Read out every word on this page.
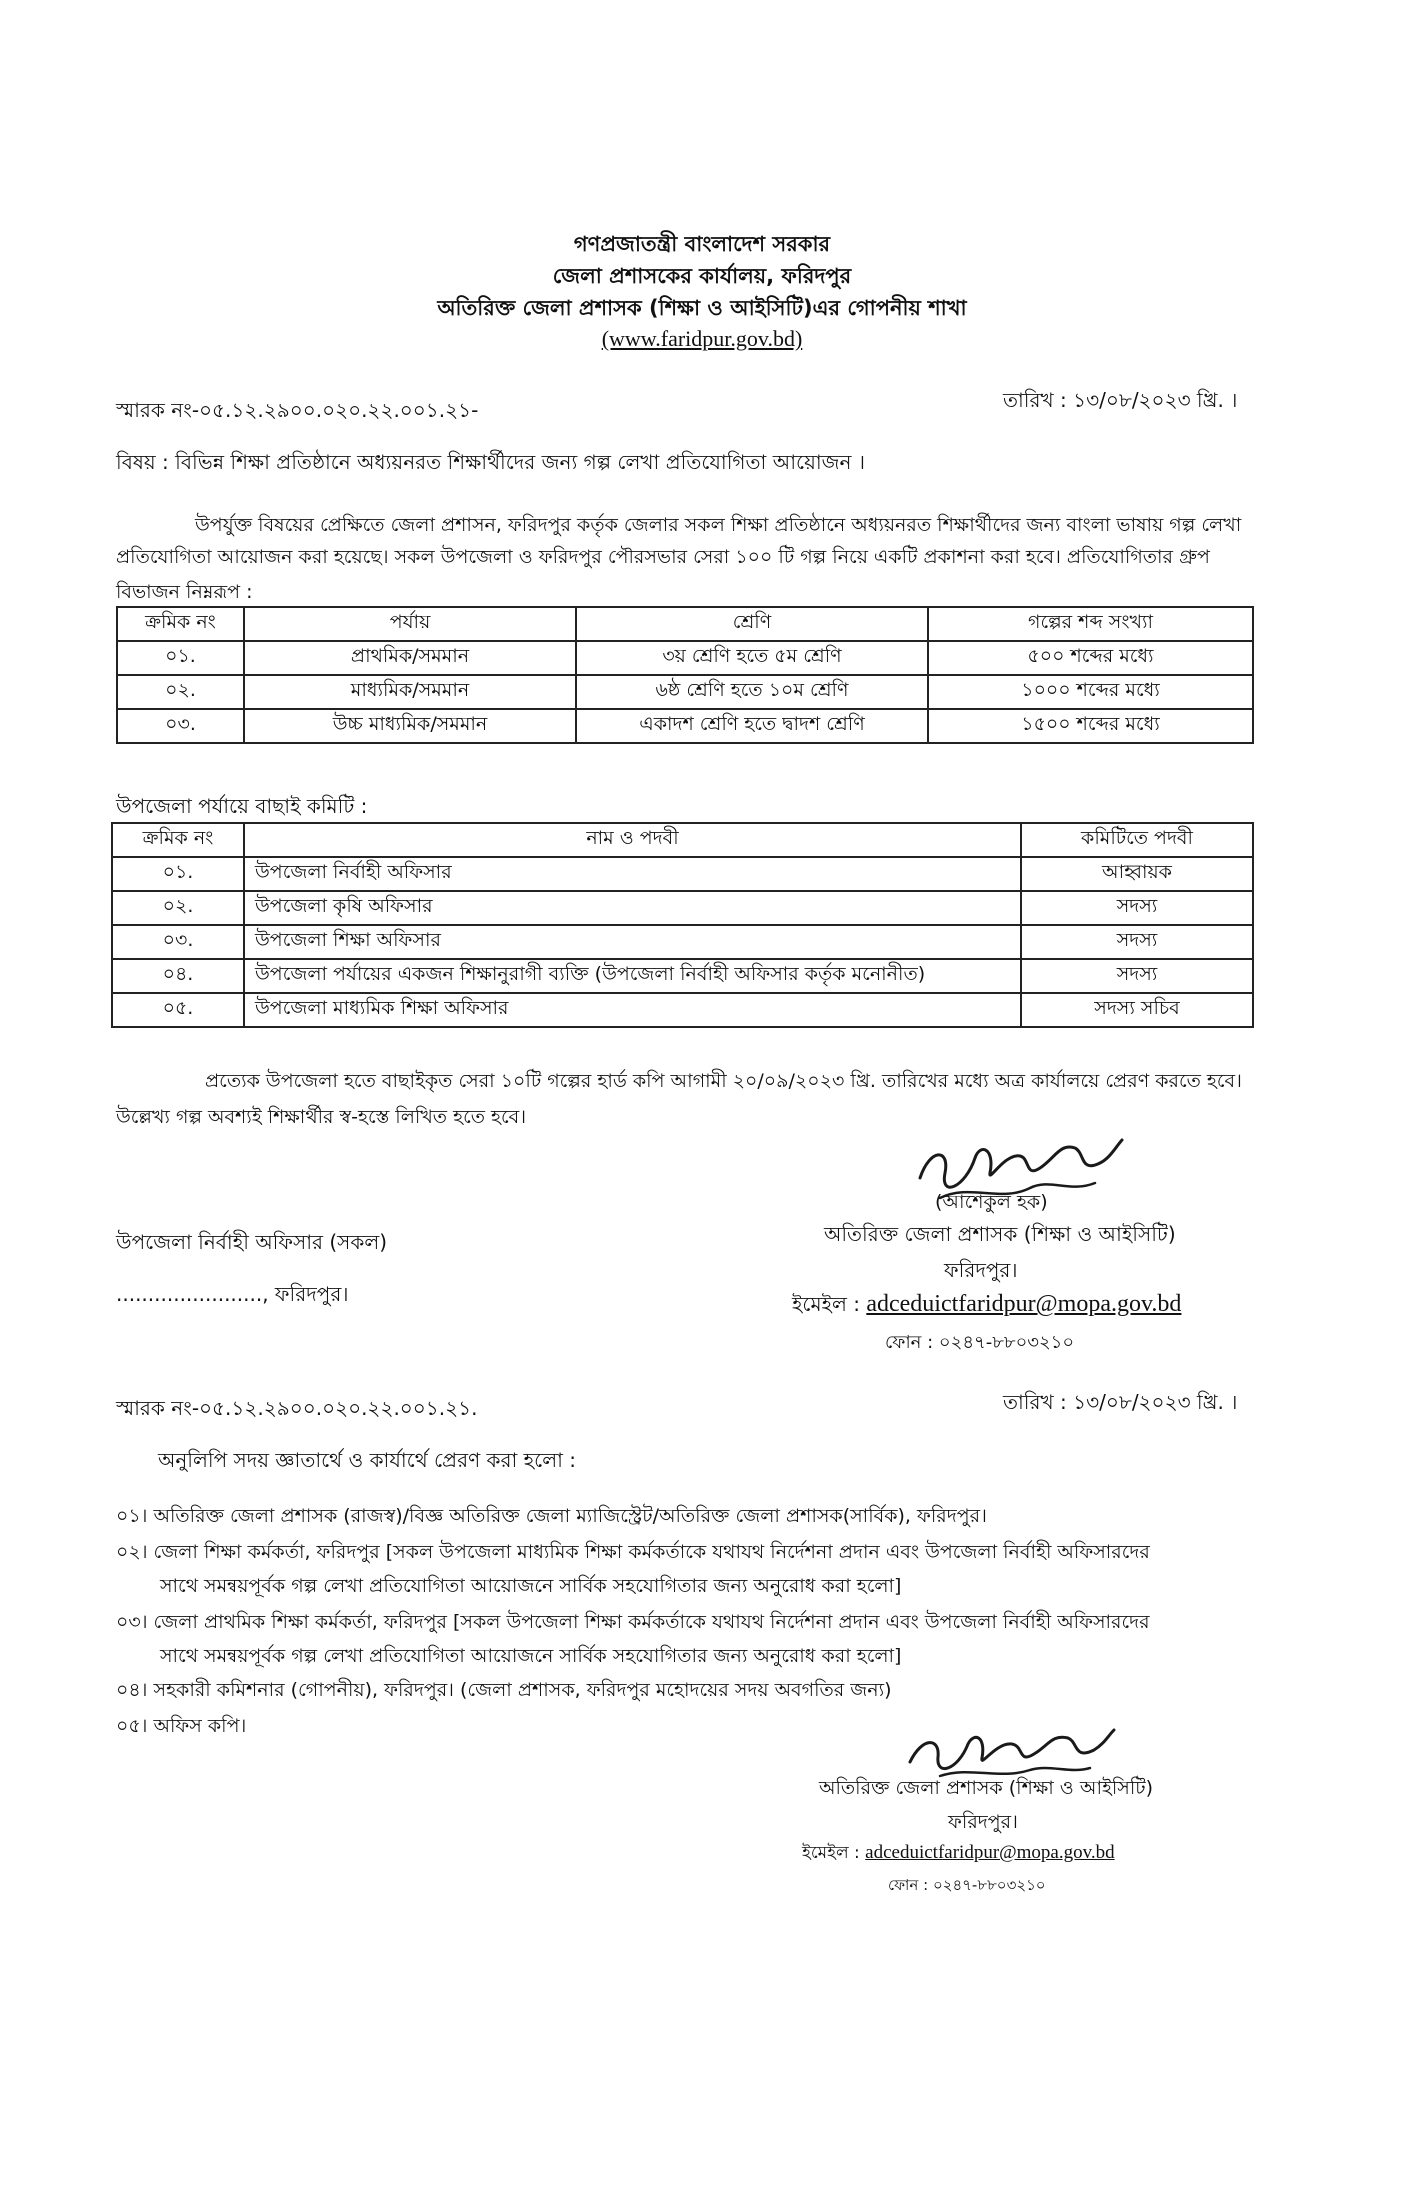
গণপ্রজাতন্ত্রী বাংলাদেশ সরকার
জেলা প্রশাসকের কার্যালয়, ফরিদপুর
অতিরিক্ত জেলা প্রশাসক (শিক্ষা ও আইসিটি)এর গোপনীয় শাখা
(www.faridpur.gov.bd)
স্মারক নং-০৫.১২.২৯০০.০২০.২২.০০১.২১-	তারিখ : ১৩/০৮/২০২৩ খ্রি. ।
বিষয় : বিভিন্ন শিক্ষা প্রতিষ্ঠানে অধ্যয়নরত শিক্ষার্থীদের জন্য গল্প লেখা প্রতিযোগিতা আয়োজন ।
উপর্যুক্ত বিষয়ের প্রেক্ষিতে জেলা প্রশাসন, ফরিদপুর কর্তৃক জেলার সকল শিক্ষা প্রতিষ্ঠানে অধ্যয়নরত শিক্ষার্থীদের জন্য বাংলা ভাষায় গল্প লেখা
প্রতিযোগিতা আয়োজন করা হয়েছে। সকল উপজেলা ও ফরিদপুর পৌরসভার সেরা ১০০ টি গল্প নিয়ে একটি প্রকাশনা করা হবে। প্রতিযোগিতার গ্রুপ
বিভাজন নিম্নরূপ :
ক্রমিক নং	পর্যায়	শ্রেণি	গল্পের শব্দ সংখ্যা
০১.	প্রাথমিক/সমমান	৩য় শ্রেণি হতে ৫ম শ্রেণি	৫০০ শব্দের মধ্যে
০২.	মাধ্যমিক/সমমান	৬ষ্ঠ শ্রেণি হতে ১০ম শ্রেণি	১০০০ শব্দের মধ্যে
০৩.	উচ্চ মাধ্যমিক/সমমান	একাদশ শ্রেণি হতে দ্বাদশ শ্রেণি	১৫০০ শব্দের মধ্যে
উপজেলা পর্যায়ে বাছাই কমিটি :
ক্রমিক নং	নাম ও পদবী	কমিটিতে পদবী
০১.	উপজেলা নির্বাহী অফিসার	আহ্বায়ক
০২.	উপজেলা কৃষি অফিসার	সদস্য
০৩.	উপজেলা শিক্ষা অফিসার	সদস্য
০৪.	উপজেলা পর্যায়ের একজন শিক্ষানুরাগী ব্যক্তি (উপজেলা নির্বাহী অফিসার কর্তৃক মনোনীত)	সদস্য
০৫.	উপজেলা মাধ্যমিক শিক্ষা অফিসার	সদস্য সচিব
প্রত্যেক উপজেলা হতে বাছাইকৃত সেরা ১০টি গল্পের হার্ড কপি আগামী ২০/০৯/২০২৩ খ্রি. তারিখের মধ্যে অত্র কার্যালয়ে প্রেরণ করতে হবে।
উল্লেখ্য গল্প অবশ্যই শিক্ষার্থীর স্ব-হস্তে লিখিত হতে হবে।
(আশেকুল হক)
উপজেলা নির্বাহী অফিসার (সকল)
......................., ফরিদপুর।
অতিরিক্ত জেলা প্রশাসক (শিক্ষা ও আইসিটি)
ফরিদপুর।
ইমেইল : adceduictfaridpur@mopa.gov.bd
ফোন : ০২৪৭-৮৮০৩২১০
স্মারক নং-০৫.১২.২৯০০.০২০.২২.০০১.২১.	তারিখ : ১৩/০৮/২০২৩ খ্রি. ।
অনুলিপি সদয় জ্ঞাতার্থে ও কার্যার্থে প্রেরণ করা হলো :
০১। অতিরিক্ত জেলা প্রশাসক (রাজস্ব)/বিজ্ঞ অতিরিক্ত জেলা ম্যাজিস্ট্রেট/অতিরিক্ত জেলা প্রশাসক(সার্বিক), ফরিদপুর।
০২। জেলা শিক্ষা কর্মকর্তা, ফরিদপুর [সকল উপজেলা মাধ্যমিক শিক্ষা কর্মকর্তাকে যথাযথ নির্দেশনা প্রদান এবং উপজেলা নির্বাহী অফিসারদের
সাথে সমন্বয়পূর্বক গল্প লেখা প্রতিযোগিতা আয়োজনে সার্বিক সহযোগিতার জন্য অনুরোধ করা হলো]
০৩। জেলা প্রাথমিক শিক্ষা কর্মকর্তা, ফরিদপুর [সকল উপজেলা শিক্ষা কর্মকর্তাকে যথাযথ নির্দেশনা প্রদান এবং উপজেলা নির্বাহী অফিসারদের
সাথে সমন্বয়পূর্বক গল্প লেখা প্রতিযোগিতা আয়োজনে সার্বিক সহযোগিতার জন্য অনুরোধ করা হলো]
০৪। সহকারী কমিশনার (গোপনীয়), ফরিদপুর। (জেলা প্রশাসক, ফরিদপুর মহোদয়ের সদয় অবগতির জন্য)
০৫। অফিস কপি।
অতিরিক্ত জেলা প্রশাসক (শিক্ষা ও আইসিটি)
ফরিদপুর।
ইমেইল : adceduictfaridpur@mopa.gov.bd
ফোন : ০২৪৭-৮৮০৩২১০
